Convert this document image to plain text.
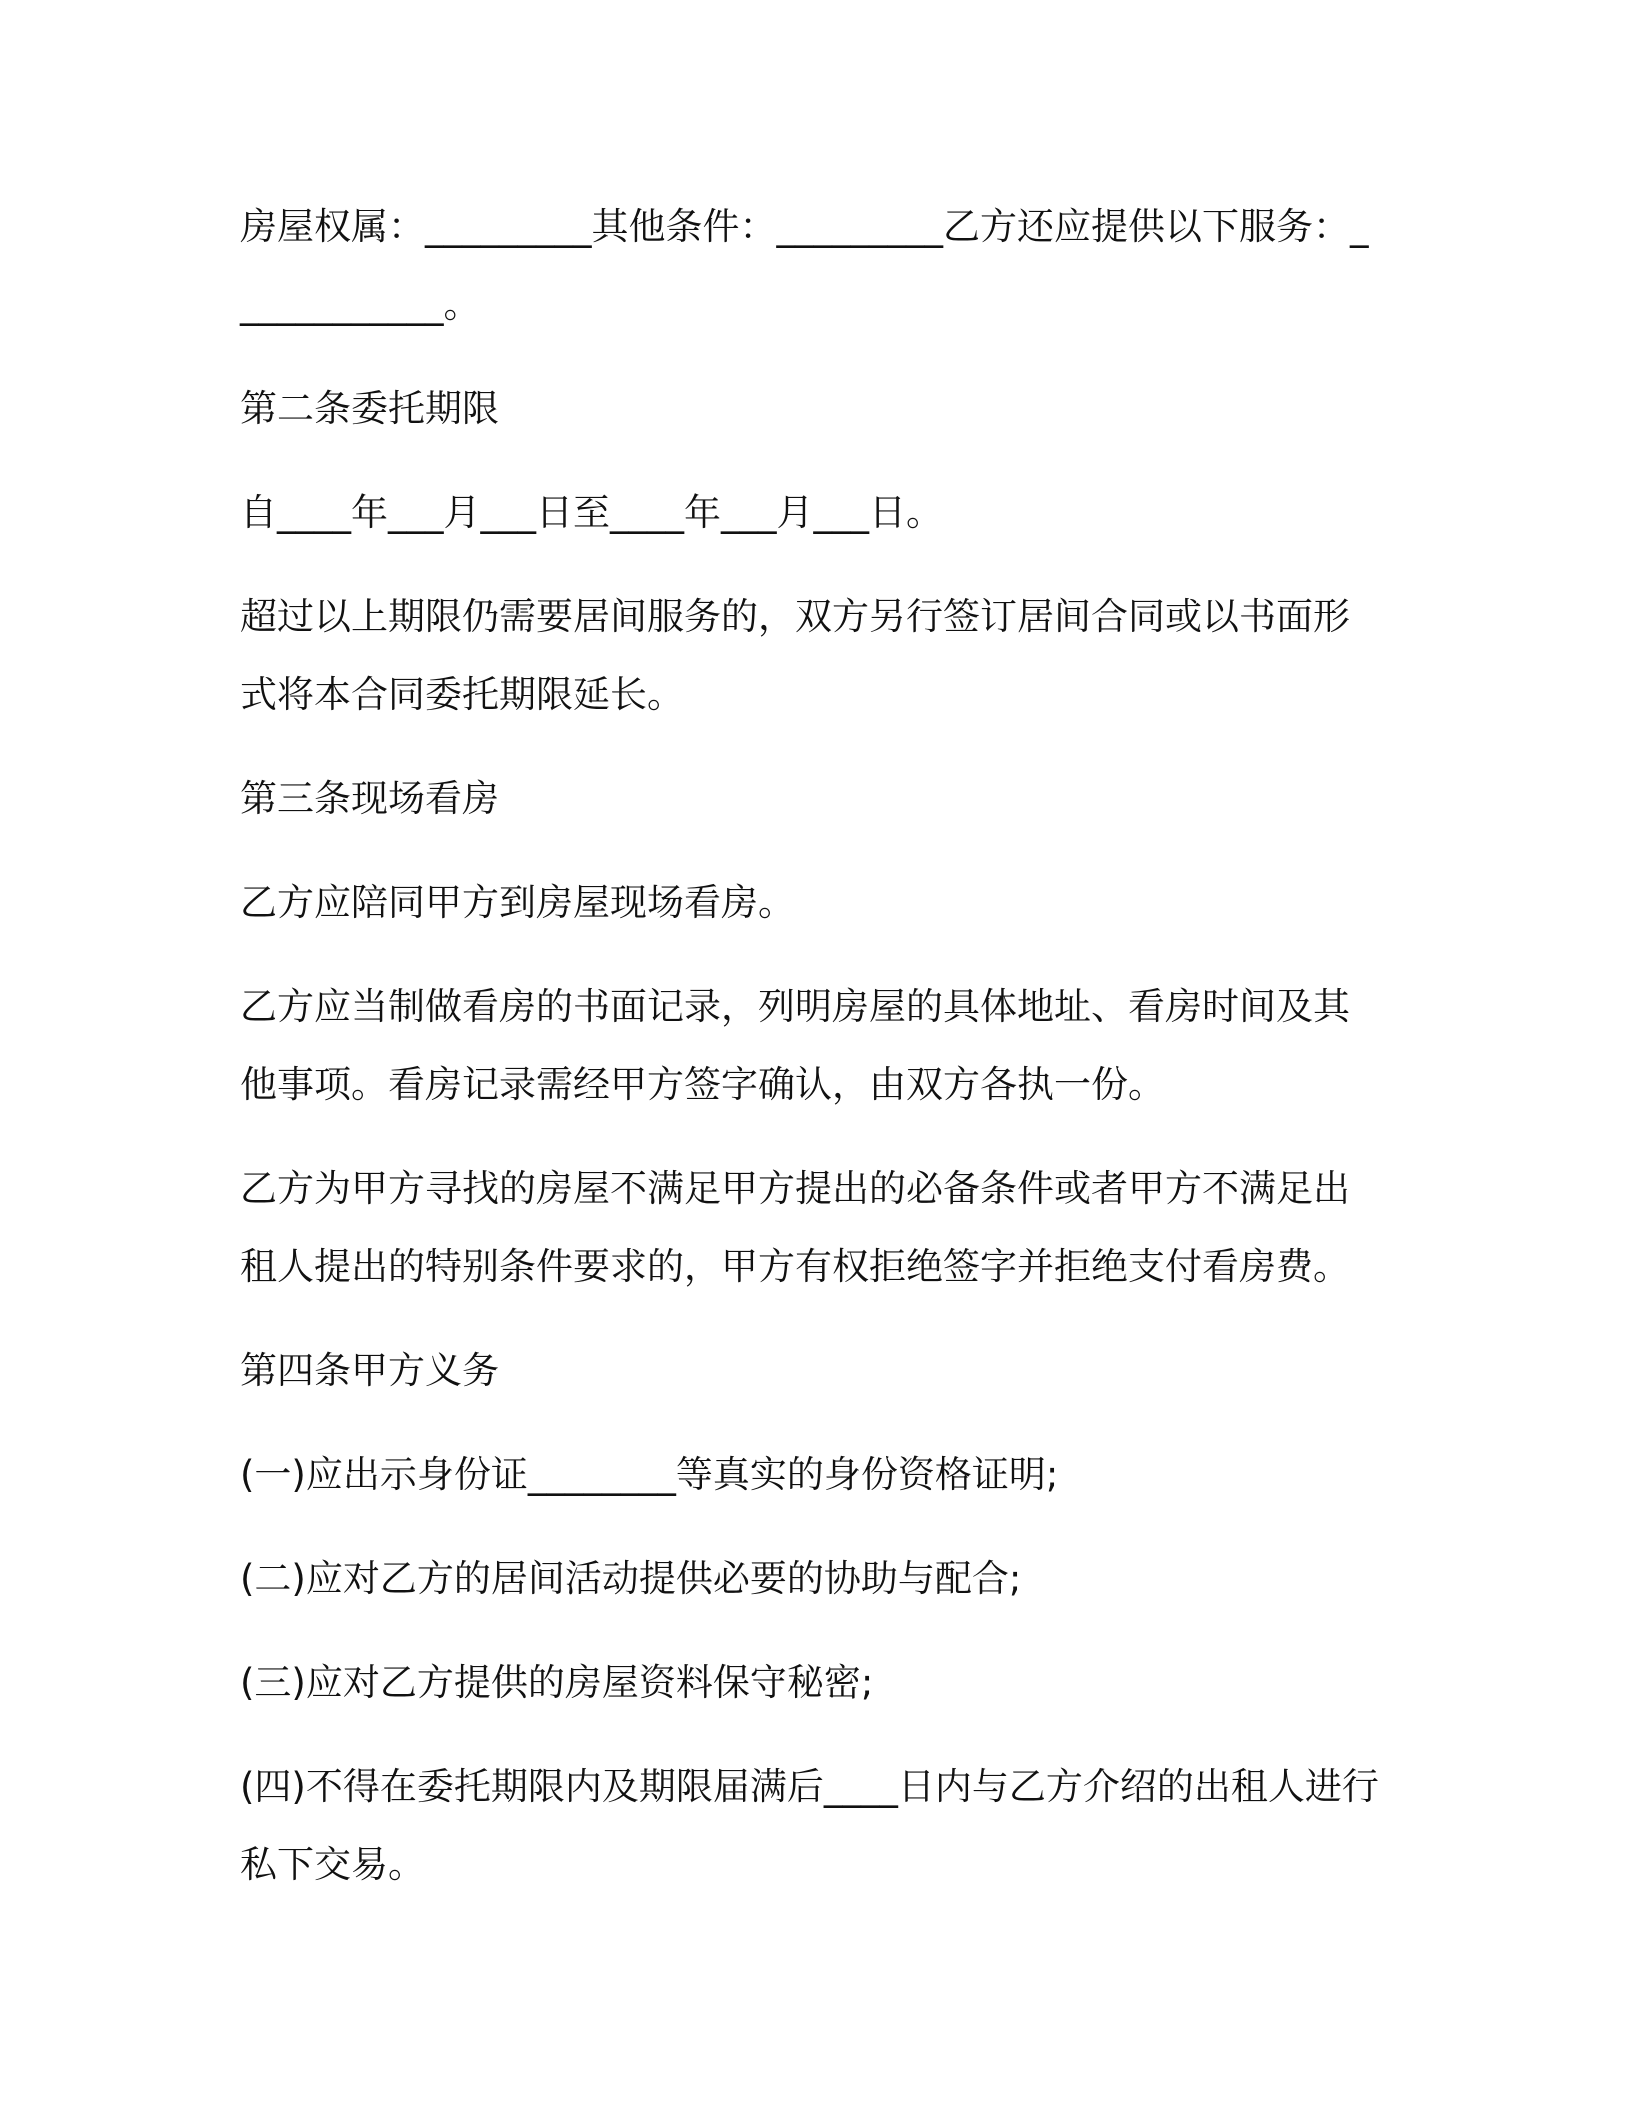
房屋权属：_________其他条件：_________乙方还应提供以下服务：____________。

第二条委托期限

自____年___月___日至____年___月___日。

超过以上期限仍需要居间服务的，双方另行签订居间合同或以书面形式将本合同委托期限延长。

第三条现场看房

乙方应陪同甲方到房屋现场看房。

乙方应当制做看房的书面记录，列明房屋的具体地址、看房时间及其他事项。看房记录需经甲方签字确认，由双方各执一份。

乙方为甲方寻找的房屋不满足甲方提出的必备条件或者甲方不满足出租人提出的特别条件要求的，甲方有权拒绝签字并拒绝支付看房费。

第四条甲方义务

(一)应出示身份证________等真实的身份资格证明;

(二)应对乙方的居间活动提供必要的协助与配合;

(三)应对乙方提供的房屋资料保守秘密;

(四)不得在委托期限内及期限届满后____日内与乙方介绍的出租人进行私下交易。
